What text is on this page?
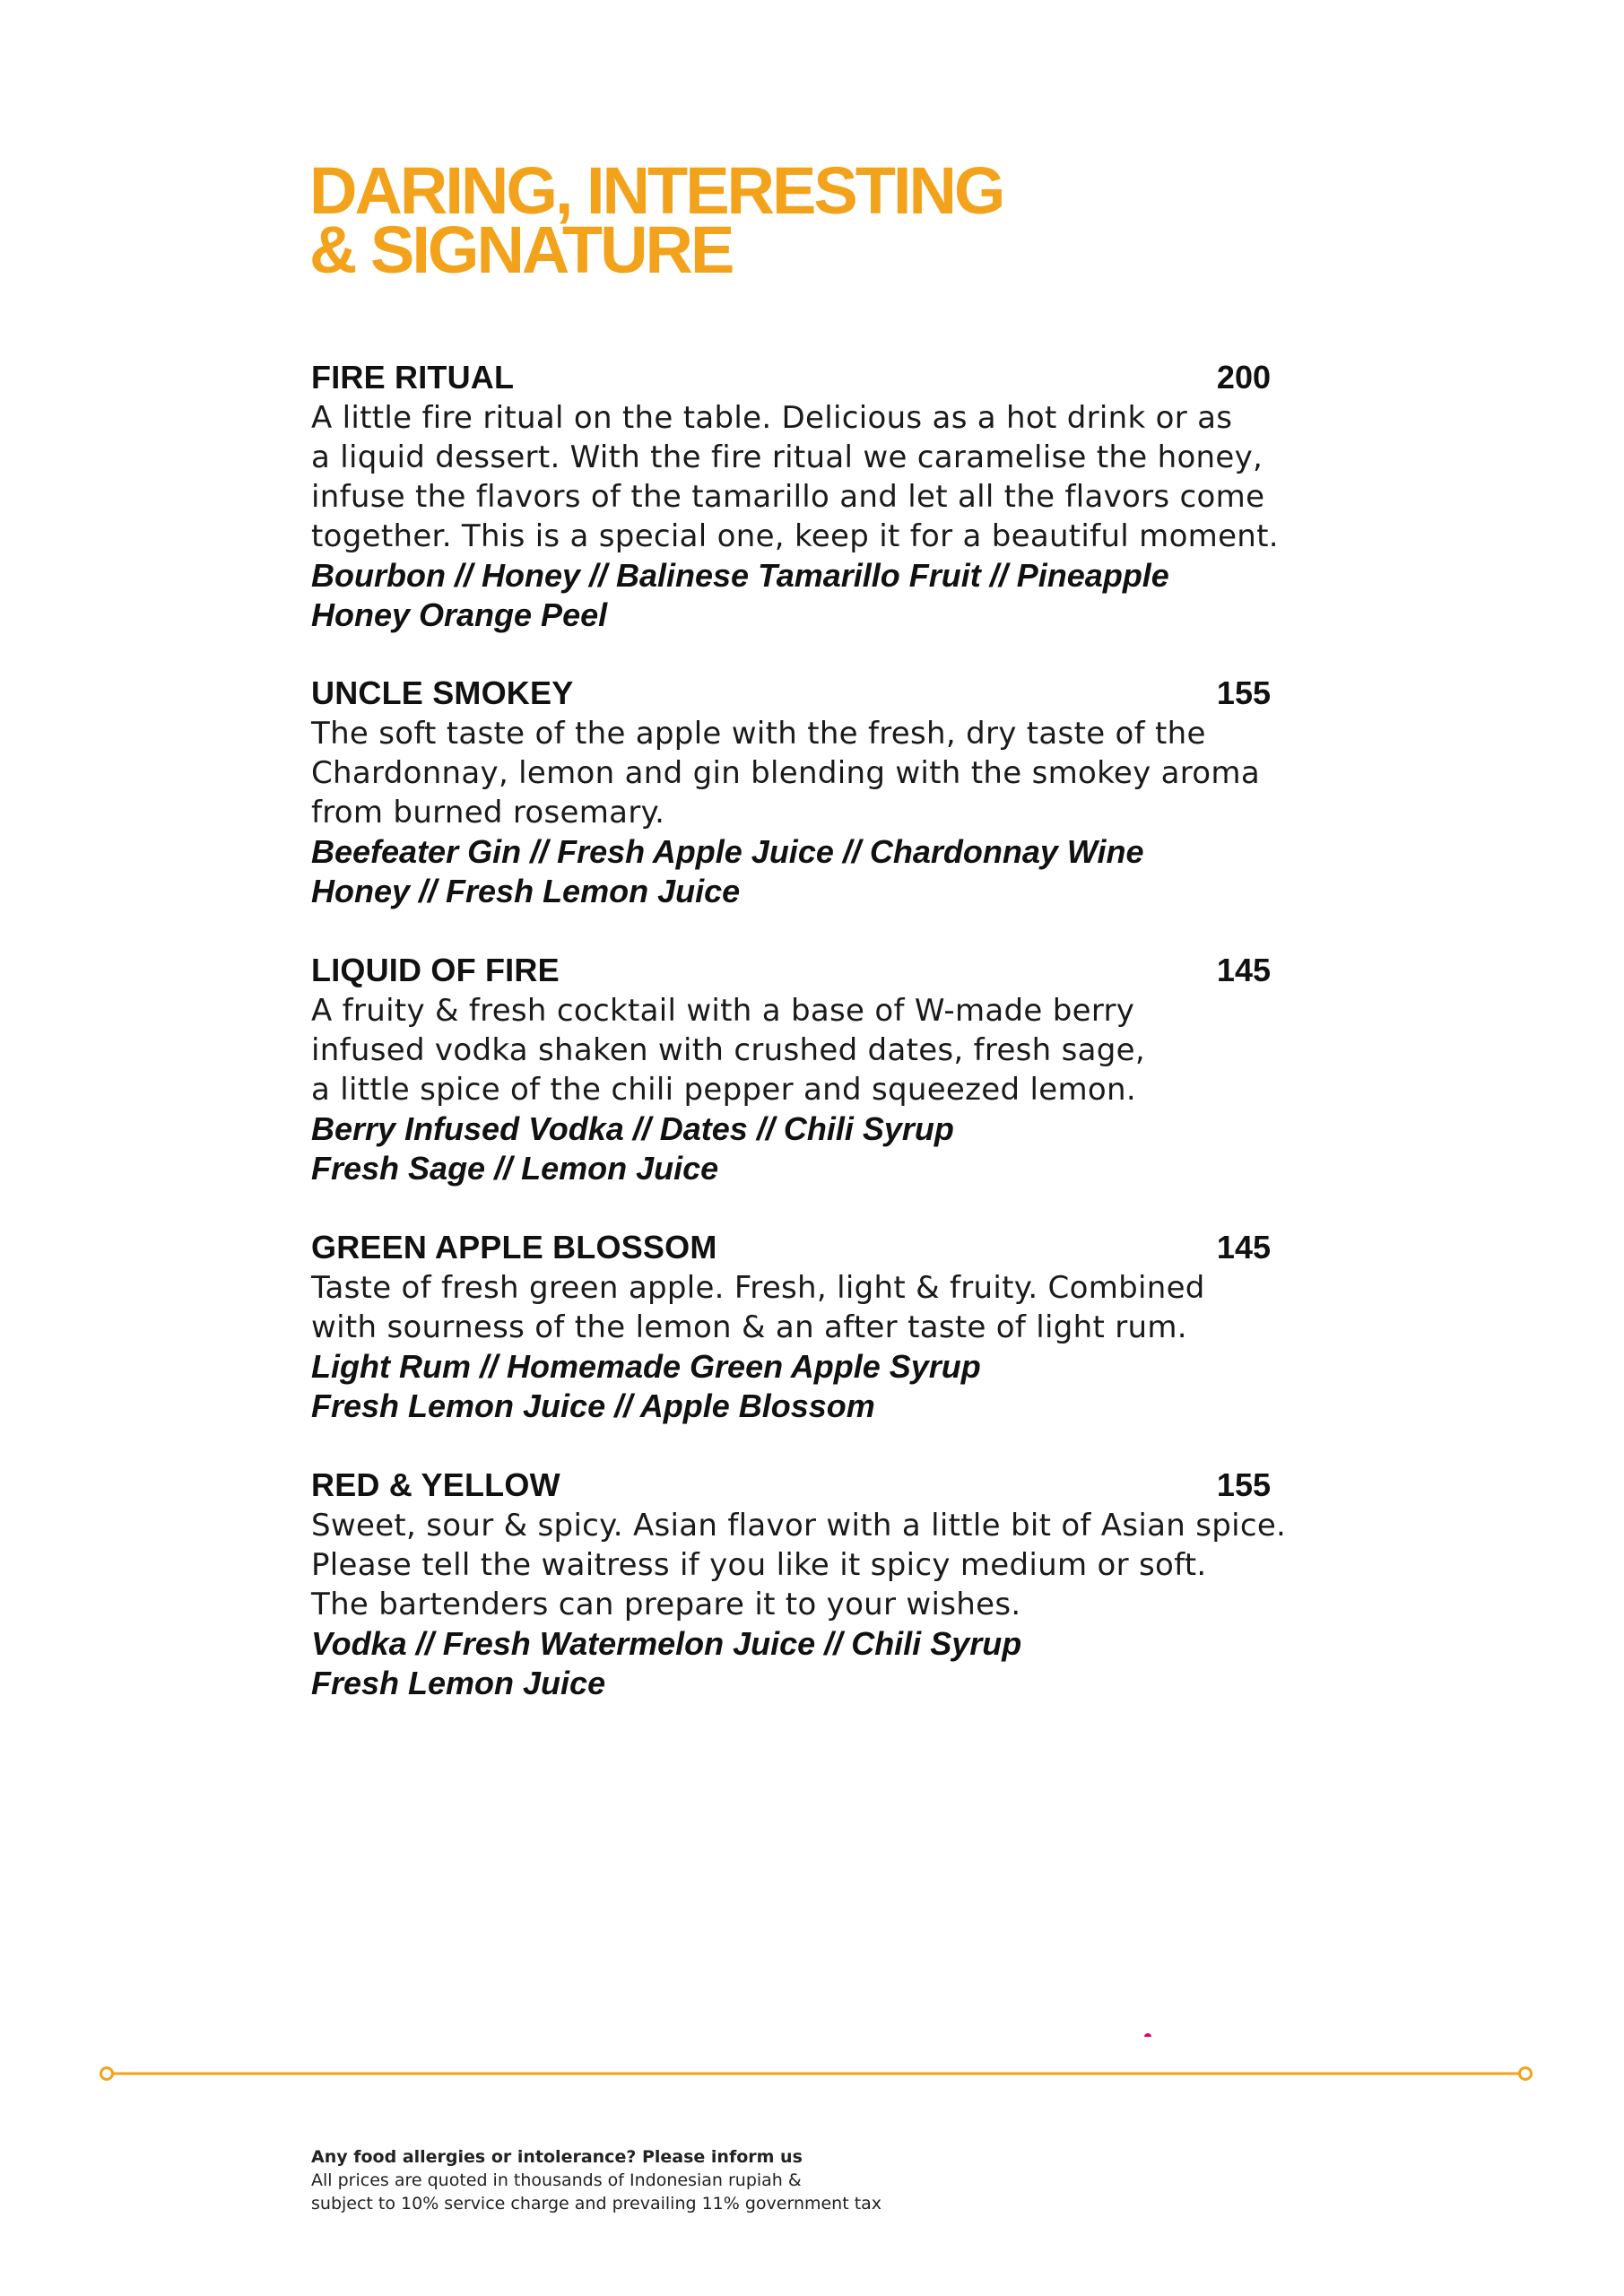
DARING, INTERESTING
& SIGNATURE
FIRE RITUAL	200
A little fire ritual on the table. Delicious as a hot drink or as
a liquid dessert. With the fire ritual we caramelise the honey,
infuse the flavors of the tamarillo and let all the flavors come
together. This is a special one, keep it for a beautiful moment.
Bourbon // Honey // Balinese Tamarillo Fruit // Pineapple
Honey Orange Peel
UNCLE SMOKEY	155
The soft taste of the apple with the fresh, dry taste of the
Chardonnay, lemon and gin blending with the smokey aroma
from burned rosemary.
Beefeater Gin // Fresh Apple Juice // Chardonnay Wine
Honey // Fresh Lemon Juice
LIQUID OF FIRE	145
A fruity & fresh cocktail with a base of W-made berry
infused vodka shaken with crushed dates, fresh sage,
a little spice of the chili pepper and squeezed lemon.
Berry Infused Vodka // Dates // Chili Syrup
Fresh Sage // Lemon Juice
GREEN APPLE BLOSSOM	145
Taste of fresh green apple. Fresh, light & fruity. Combined
with sourness of the lemon & an after taste of light rum.
Light Rum // Homemade Green Apple Syrup
Fresh Lemon Juice // Apple Blossom
RED & YELLOW	155
Sweet, sour & spicy. Asian flavor with a little bit of Asian spice.
Please tell the waitress if you like it spicy medium or soft.
The bartenders can prepare it to your wishes.
Vodka // Fresh Watermelon Juice // Chili Syrup
Fresh Lemon Juice
Any food allergies or intolerance? Please inform us
All prices are quoted in thousands of Indonesian rupiah &
subject to 10% service charge and prevailing 11% government tax
